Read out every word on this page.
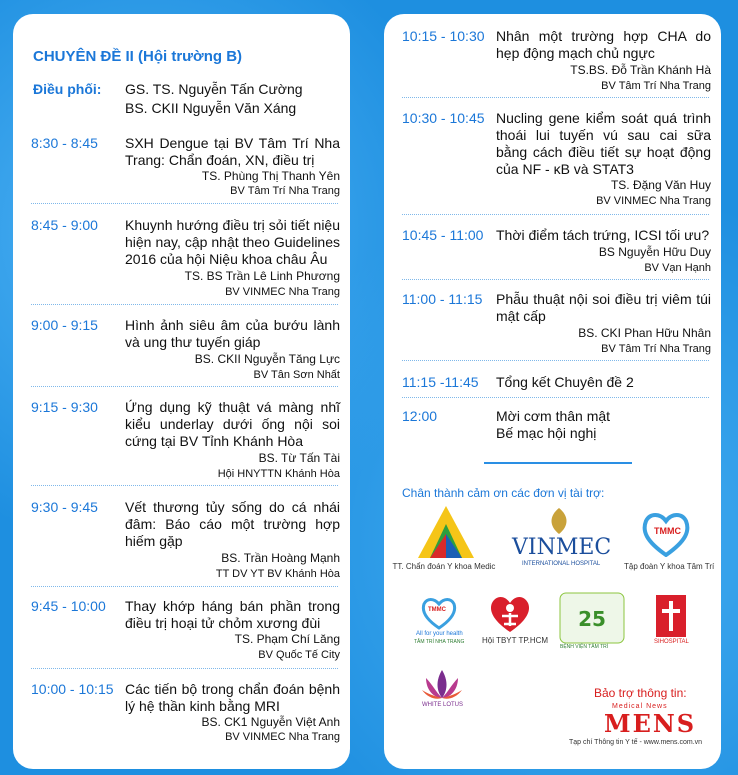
CHUYÊN ĐỀ II (Hội trường B)
Điều phối: GS. TS. Nguyễn Tấn Cường
BS. CKII Nguyễn Văn Xáng
8:30 - 8:45 SXH Dengue tại BV Tâm Trí Nha Trang: Chẩn đoán, XN, điều trị
TS. Phùng Thị Thanh Yên
BV Tâm Trí Nha Trang
8:45 - 9:00 Khuynh hướng điều trị sỏi tiết niệu hiện nay, cập nhật theo Guidelines 2016 của hội Niệu khoa châu Âu
TS. BS Trần Lê Linh Phương
BV VINMEC Nha Trang
9:00 - 9:15 Hình ảnh siêu âm của bướu lành và ung thư tuyến giáp
BS. CKII Nguyễn Tăng Lực
BV Tân Sơn Nhất
9:15 - 9:30 Ứng dụng kỹ thuật vá màng nhĩ kiểu underlay dưới ống nội soi cứng tại BV Tỉnh Khánh Hòa
BS. Từ Tấn Tài
Hội HNYTTN Khánh Hòa
9:30 - 9:45 Vết thương tủy sống do cá nhái đâm: Báo cáo một trường hợp hiếm gặp
BS. Trần Hoàng Mạnh
TT DV YT BV Khánh Hòa
9:45 - 10:00 Thay khớp háng bán phần trong điều trị hoại tử chỏm xương đùi
TS. Phạm Chí Lăng
BV Quốc Tế City
10:00 - 10:15 Các tiến bộ trong chẩn đoán bệnh lý hệ thần kinh bằng MRI
BS. CK1 Nguyễn Việt Anh
BV VINMEC Nha Trang
10:15 - 10:30 Nhân một trường hợp CHA do hẹp động mạch chủ ngực
TS.BS. Đỗ Trần Khánh Hà
BV Tâm Trí Nha Trang
10:30 - 10:45 Nucling gene kiểm soát quá trình thoái lui tuyến vú sau cai sữa bằng cách điều tiết sự hoạt động của NF - κB và STAT3
TS. Đặng Văn Huy
BV VINMEC Nha Trang
10:45 - 11:00 Thời điểm tách trứng, ICSI tối ưu?
BS Nguyễn Hữu Duy
BV Vạn Hạnh
11:00 - 11:15 Phẫu thuật nội soi điều trị viêm túi mật cấp
BS. CKI Phan Hữu Nhân
BV Tâm Trí Nha Trang
11:15 -11:45 Tổng kết Chuyên đề 2
12:00	Mời cơm thân mật
Bế mạc hội nghị
Chân thành cảm ơn các đơn vị tài trợ:
TT. Chẩn đoán Y khoa Medic
VINMEC
INTERNATIONAL HOSPITAL
TMMC
Tập đoàn Y khoa Tâm Trí
TMMC
All for your health
TÂM TRÍ NHA TRANG Hội TBYT TP.HCM
25
BỆNH VIỆN TÂM TRÍ
SIHOSPITAL
WHITE LOTUS
Bảo trợ thông tin:
Medical News
MENS
Tạp chí Thông tin Y tế - www.mens.com.vn
